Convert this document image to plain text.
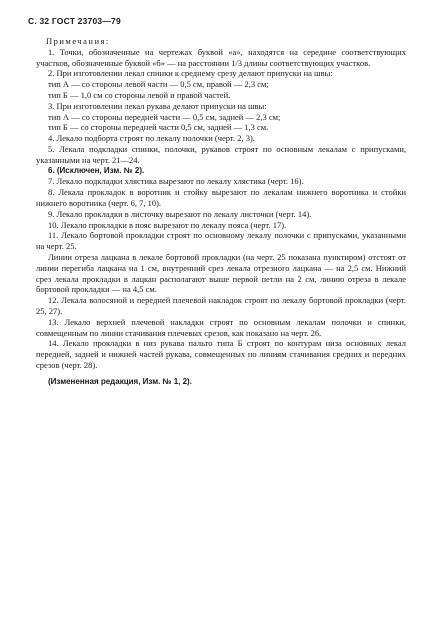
С. 32 ГОСТ 23703—79

Примечания:

1. Точки, обозначенные на чертежах буквой «а», находятся на середине соответствующих участков, обозначенные буквой «б» — на расстоянии 1/3 длины соответствующих участков.

2. При изготовлении лекал спинки к среднему срезу делают припуски на швы:

тип А — со стороны левой части — 0,5 см, правой — 2,3 см;

тип Б — 1,0 см со стороны левой и правой частей.

3. При изготовлении лекал рукава делают припуски на швы:

тип А — со стороны передней части — 0,5 см, задней — 2,3 см;

тип Б — со стороны передней части 0,5 см, задней — 1,3 см.

4. Лекало подборта строят по лекалу полочки (черт. 2, 3).

5. Лекала подкладки спинки, полочки, рукавов строят по основным лекалам с припусками, указанными на черт. 21—24.

6. (Исключен, Изм. № 2).

7. Лекало подкладки хлястика вырезают по лекалу хлястика (черт. 16).

8. Лекала прокладок в воротник и стойку вырезают по лекалам нижнего воротника и стойки нижнего воротника (черт. 6, 7, 10).

9. Лекало прокладки в листочку вырезают по лекалу листочки (черт. 14).

10. Лекало прокладки в пояс вырезают по лекалу пояса (черт. 17).

11. Лекало бортовой прокладки строят по основному лекалу полочки с припусками, указанными на черт. 25.

Линии отреза лацкана в лекале бортовой прокладки (на черт. 25 показана пунктиром) отстоят от линии перегиба лацкана на 1 см, внутренний срез лекала отрезного лацкана — на 2,5 см. Нижний срез лекала прокладки в лацкан располагают выше первой петли на 2 см, линию отреза в лекале бортовой прокладки — на 4,5 см.

12. Лекала волосяной и передней плечевой накладок строят по лекалу бортовой прокладки (черт. 25, 27).

13. Лекало верхней плечевой накладки строят по основным лекалам полочки и спинки, совмещенным по линии стачивания плечевых срезов, как показано на черт. 26.

14. Лекало прокладки в низ рукава пальто типа Б строят по контурам низа основных лекал передней, задней и нижней частей рукава, совмещенных по линиям стачивания средних и передних срезов (черт. 28).

(Измененная редакция, Изм. № 1, 2).
